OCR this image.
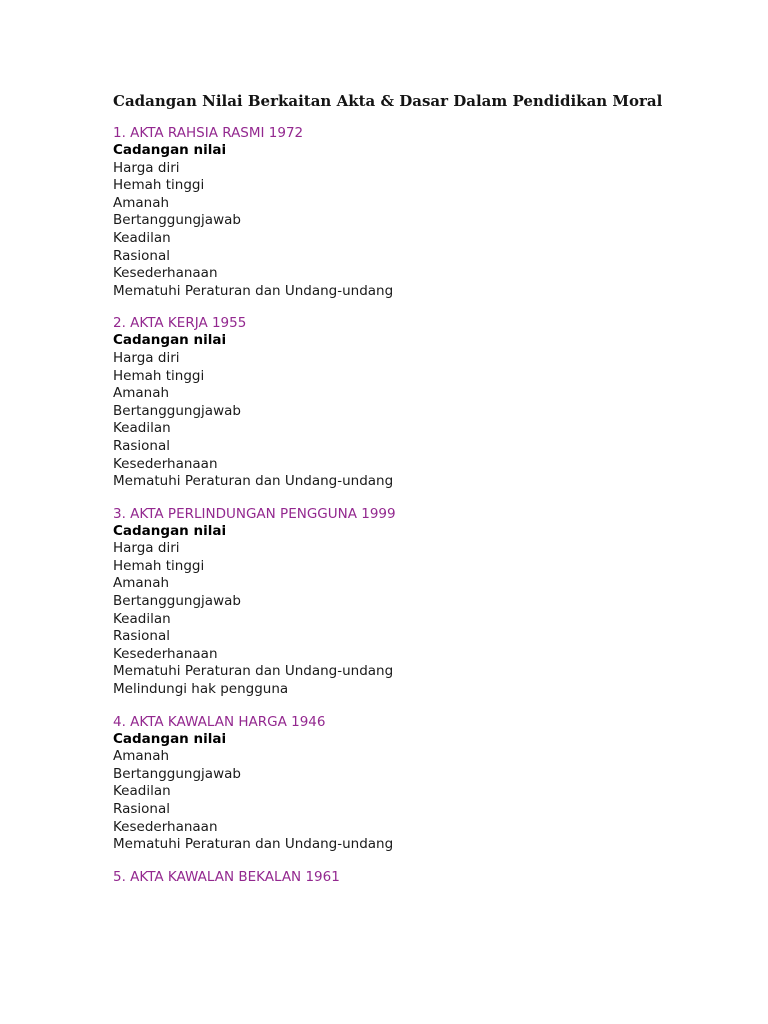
Cadangan Nilai Berkaitan Akta & Dasar Dalam Pendidikan Moral
1. AKTA RAHSIA RASMI 1972
Cadangan nilai
Harga diri
Hemah tinggi
Amanah
Bertanggungjawab
Keadilan
Rasional
Kesederhanaan
Mematuhi Peraturan dan Undang-undang
2. AKTA KERJA 1955
Cadangan nilai
Harga diri
Hemah tinggi
Amanah
Bertanggungjawab
Keadilan
Rasional
Kesederhanaan
Mematuhi Peraturan dan Undang-undang
3. AKTA PERLINDUNGAN PENGGUNA 1999
Cadangan nilai
Harga diri
Hemah tinggi
Amanah
Bertanggungjawab
Keadilan
Rasional
Kesederhanaan
Mematuhi Peraturan dan Undang-undang
Melindungi hak pengguna
4. AKTA KAWALAN HARGA 1946
Cadangan nilai
Amanah
Bertanggungjawab
Keadilan
Rasional
Kesederhanaan
Mematuhi Peraturan dan Undang-undang
5. AKTA KAWALAN BEKALAN 1961
